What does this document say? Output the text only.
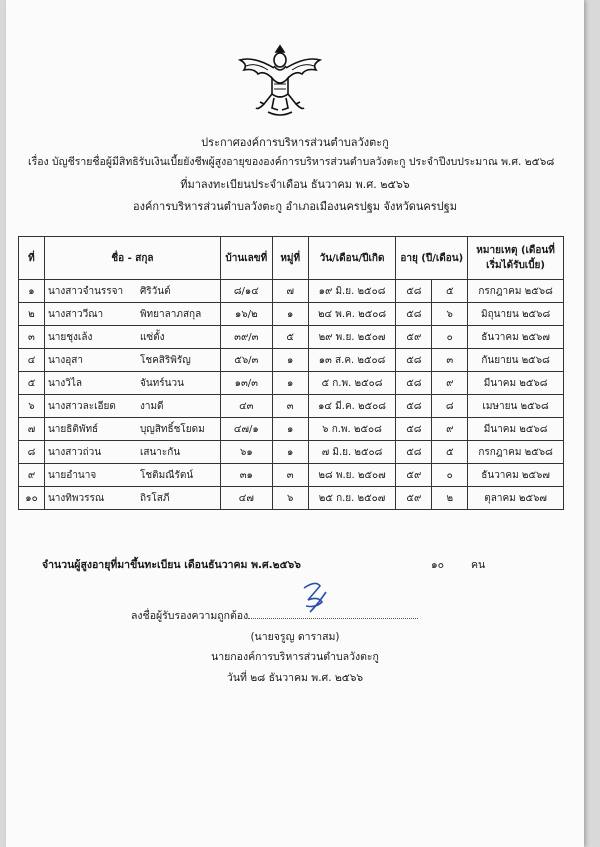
ประกาศองค์การบริหารส่วนตำบลวังตะกู
เรื่อง บัญชีรายชื่อผู้มีสิทธิรับเงินเบี้ยยังชีพผู้สูงอายุขององค์การบริหารส่วนตำบลวังตะกู ประจำปีงบประมาณ พ.ศ. ๒๕๖๘
ที่มาลงทะเบียนประจำเดือน ธันวาคม พ.ศ. ๒๕๖๖
องค์การบริหารส่วนตำบลวังตะกู อำเภอเมืองนครปฐม จังหวัดนครปฐม
ที่	ชื่อ - สกุล	บ้านเลขที่	หมู่ที่	วัน/เดือน/ปีเกิด	อายุ (ปี/เดือน)		หมายเหตุ (เดือนที่เริ่มได้รับเบี้ย)
๑	นางสาวจำนรรจา ศิริวันต์	๘/๑๔	๗	๑๙ มิ.ย. ๒๕๐๘	๕๘	๕	กรกฎาคม ๒๕๖๘
๒	นางสาววีณา พิทยาลาภสกุล	๑๖/๒	๑	๒๔ พ.ค. ๒๕๐๘	๕๘	๖	มิถุนายน ๒๕๖๘
๓	นายชุงเล้ง แซ่ตั้ง	๓๙/๓	๕	๒๙ พ.ย. ๒๕๐๗	๕๙	๐	ธันวาคม ๒๕๖๗
๔	นางอุสา โชคสิริพิรัญ	๕๖/๓	๑	๑๓ ส.ค. ๒๕๐๘	๕๘	๓	กันยายน ๒๕๖๘
๕	นางวิไล จันทร์นวน	๑๓/๓	๑	๕ ก.พ. ๒๕๐๘	๕๘	๙	มีนาคม ๒๕๖๘
๖	นางสาวละเอียด งามดี	๔๓	๓	๑๔ มี.ค. ๒๕๐๘	๕๘	๘	เมษายน ๒๕๖๘
๗	นายธิติพัทธ์ บุญสิทธิ์ชโยดม	๔๗/๑	๑	๖ ก.พ. ๒๕๐๘	๕๘	๙	มีนาคม ๒๕๖๘
๘	นางสาวถ่วน เสนาะกัน	๖๑	๑	๗ มิ.ย. ๒๕๐๘	๕๘	๕	กรกฎาคม ๒๕๖๘
๙	นายอำนาจ โชติมณีรัตน์	๓๑	๓	๒๘ พ.ย. ๒๕๐๗	๕๙	๐	ธันวาคม ๒๕๖๗
๑๐	นางทิพวรรณ ถิรโสภี	๔๗	๖	๒๕ ก.ย. ๒๕๐๗	๕๙	๒	ตุลาคม ๒๕๖๗
จำนวนผู้สูงอายุที่มาขึ้นทะเบียน เดือนธันวาคม พ.ศ.๒๕๖๖	๑๐	คน
ลงชื่อผู้รับรองความถูกต้อง
(นายจรูญ ดาราสม)
นายกองค์การบริหารส่วนตำบลวังตะกู
วันที่ ๒๘ ธันวาคม พ.ศ. ๒๕๖๖
